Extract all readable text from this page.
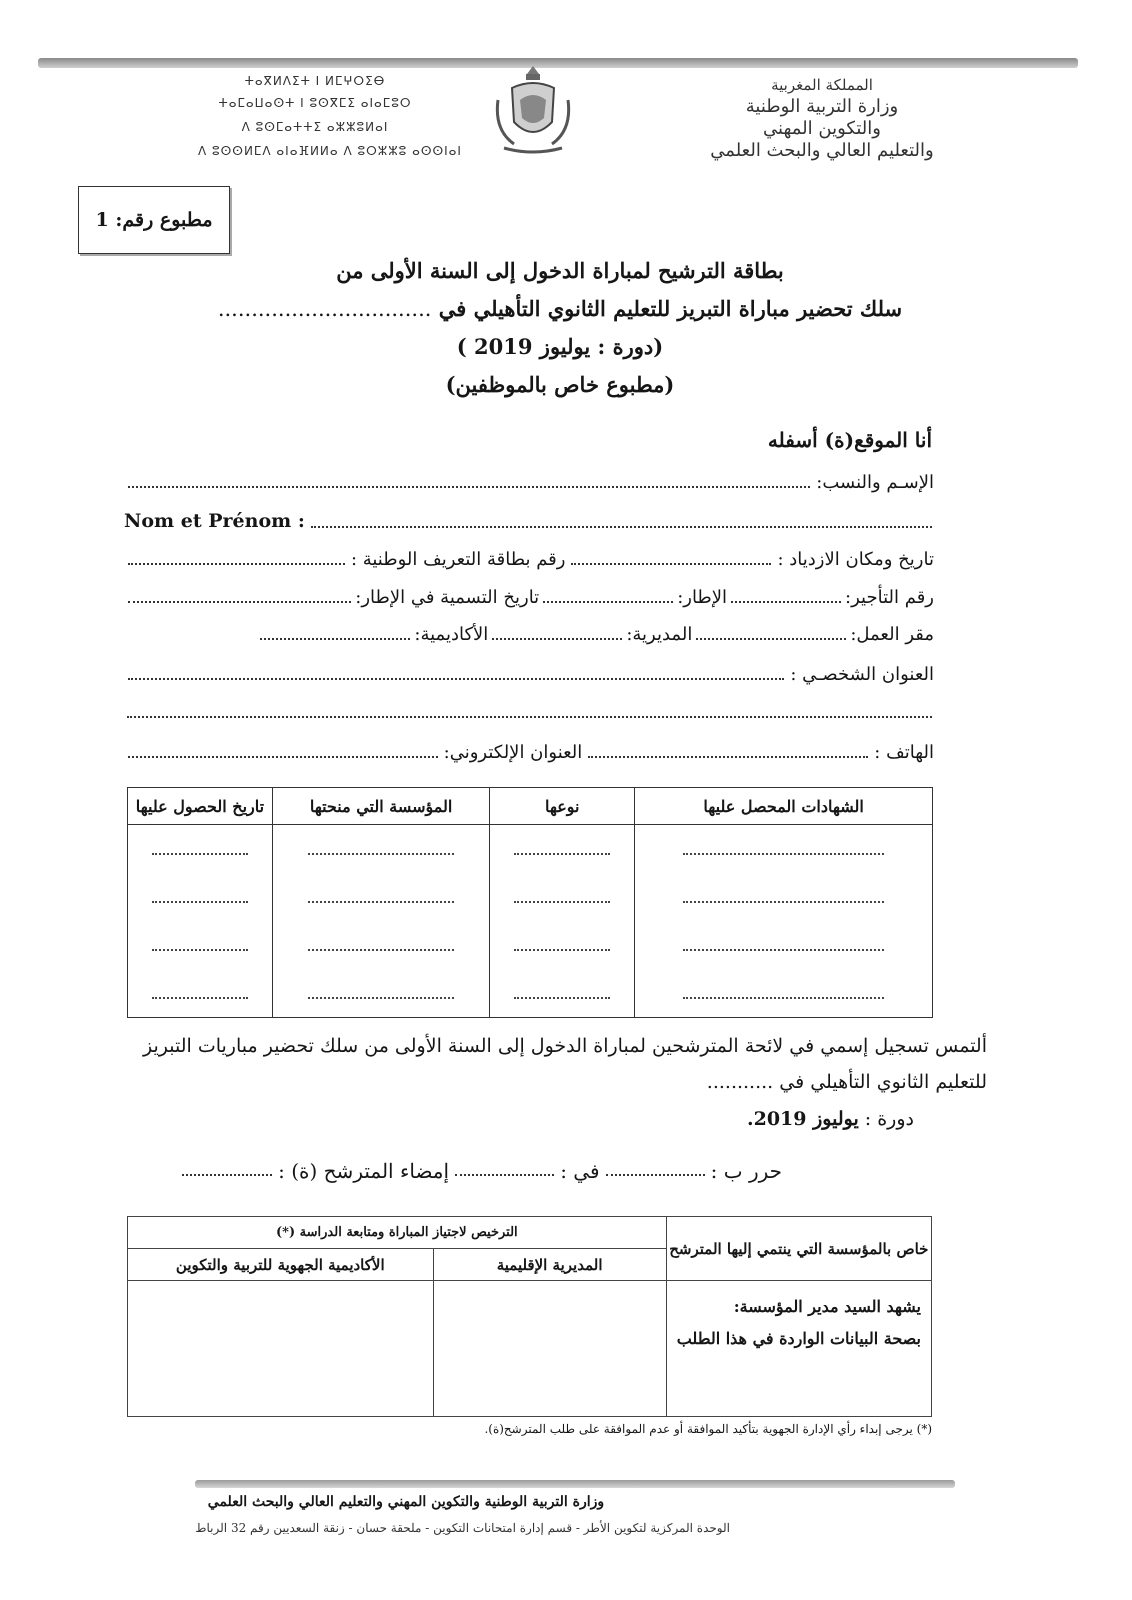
ⵜⴰⴳⵍⴷⵉⵜ ⵏ ⵍⵎⵖⵔⵉⴱ
ⵜⴰⵎⴰⵡⴰⵙⵜ ⵏ ⵓⵙⴳⵎⵉ ⴰⵏⴰⵎⵓⵔ
ⴷ ⵓⵙⵎⴰⵜⵜⵉ ⴰⵣⵣⵓⵍⴰⵏ
ⴷ ⵓⵙⵙⵍⵎⴷ ⴰⵏⴰⴼⵍⵍⴰ ⴷ ⵓⵔⵣⵣⵓ ⴰⵙⵙⵏⴰⵏ
المملكة المغربية
وزارة التربية الوطنية
والتكوين المهني
والتعليم العالي والبحث العلمي
مطبوع رقم: 1
بطاقة الترشيح لمباراة الدخول إلى السنة الأولى من
سلك تحضير مباراة التبريز للتعليم الثانوي التأهيلي في ................................
(دورة : يوليوز 2019 )
(مطبوع خاص بالموظفين)
أنا الموقع(ة) أسفله
الإسـم والنسب:
Nom et Prénom :
تاريخ ومكان الازدياد :
رقم بطاقة التعريف الوطنية :
رقم التأجير:
الإطار:
تاريخ التسمية في الإطار:
مقر العمل:
المديرية:
الأكاديمية:
العنوان الشخصـي :
الهاتف :
العنوان الإلكتروني:
الشهادات المحصل عليها	نوعها	المؤسسة التي منحتها	تاريخ الحصول عليها

ألتمس تسجيل إسمي في لائحة المترشحين لمباراة الدخول إلى السنة الأولى من سلك تحضير مباريات التبريز للتعليم الثانوي التأهيلي في ...........
دورة : يوليوز 2019.
حرر ب :
في :
إمضاء المترشح (ة) :
خاص بالمؤسسة التي ينتمي إليها المترشح	الترخيص لاجتياز المباراة ومتابعة الدراسة (*)	
	المديرية الإقليمية	الأكاديمية الجهوية للتربية والتكوين

يشهد السيد مدير المؤسسة:
بصحة البيانات الواردة في هذا الطلب		

(*) يرجى إبداء رأي الإدارة الجهوية بتأكيد الموافقة أو عدم الموافقة على طلب المترشح(ة).
وزارة التربية الوطنية والتكوين المهني والتعليم العالي والبحث العلمي
الوحدة المركزية لتكوين الأطر - قسم إدارة امتحانات التكوين - ملحقة حسان - زنقة السعديين رقم 32 الرباط
